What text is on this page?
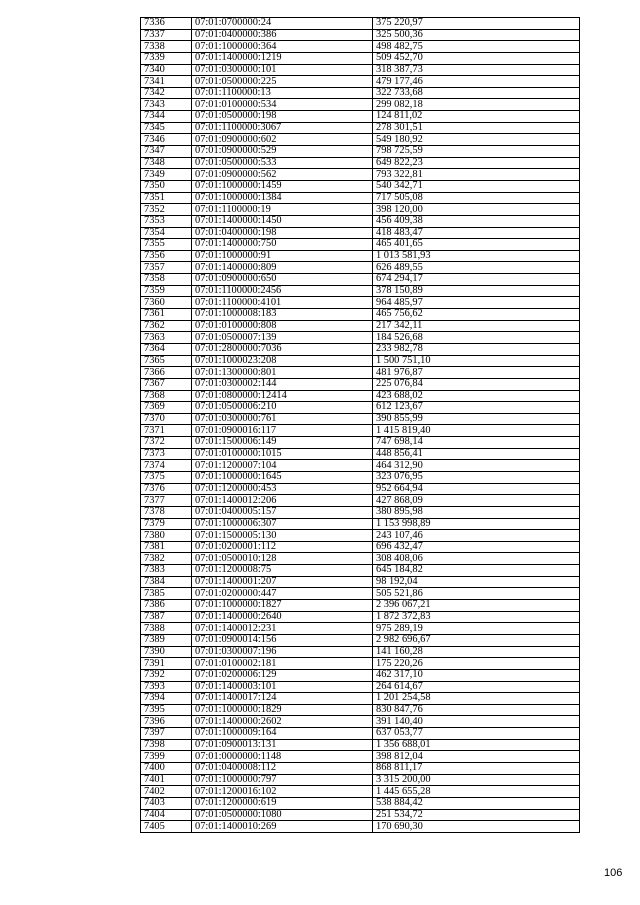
7336	07:01:0700000:24	375 220,97
7337	07:01:0400000:386	325 500,36
7338	07:01:1000000:364	498 482,75
7339	07:01:1400000:1219	509 452,70
7340	07:01:0300000:101	318 387,73
7341	07:01:0500000:225	479 177,46
7342	07:01:1100000:13	322 733,68
7343	07:01:0100000:534	299 082,18
7344	07:01:0500000:198	124 811,02
7345	07:01:1100000:3067	278 301,51
7346	07:01:0900000:602	549 180,92
7347	07:01:0900000:529	798 725,59
7348	07:01:0500000:533	649 822,23
7349	07:01:0900000:562	793 322,81
7350	07:01:1000000:1459	540 342,71
7351	07:01:1000000:1384	717 505,08
7352	07:01:1100000:19	398 120,00
7353	07:01:1400000:1450	456 409,38
7354	07:01:0400000:198	418 483,47
7355	07:01:1400000:750	465 401,65
7356	07:01:1000000:91	1 013 581,93
7357	07:01:1400000:809	626 489,55
7358	07:01:0900000:650	674 294,17
7359	07:01:1100000:2456	378 150,89
7360	07:01:1100000:4101	964 485,97
7361	07:01:1000008:183	465 756,62
7362	07:01:0100000:808	217 342,11
7363	07:01:0500007:139	184 526,68
7364	07:01:2800000:7036	233 982,78
7365	07:01:1000023:208	1 500 751,10
7366	07:01:1300000:801	481 976,87
7367	07:01:0300002:144	225 076,84
7368	07:01:0800000:12414	423 688,02
7369	07:01:0500006:210	612 123,67
7370	07:01:0300000:761	390 855,99
7371	07:01:0900016:117	1 415 819,40
7372	07:01:1500006:149	747 698,14
7373	07:01:0100000:1015	448 856,41
7374	07:01:1200007:104	464 312,90
7375	07:01:1000000:1645	323 076,95
7376	07:01:1200000:453	952 664,94
7377	07:01:1400012:206	427 868,09
7378	07:01:0400005:157	380 895,98
7379	07:01:1000006:307	1 153 998,89
7380	07:01:1500005:130	243 107,46
7381	07:01:0200001:112	696 432,47
7382	07:01:0500010:128	308 408,06
7383	07:01:1200008:75	645 184,82
7384	07:01:1400001:207	98 192,04
7385	07:01:0200000:447	505 521,86
7386	07:01:1000000:1827	2 396 067,21
7387	07:01:1400000:2640	1 872 372,83
7388	07:01:1400012:231	975 289,19
7389	07:01:0900014:156	2 982 696,67
7390	07:01:0300007:196	141 160,28
7391	07:01:0100002:181	175 220,26
7392	07:01:0200006:129	462 317,10
7393	07:01:1400003:101	264 614,67
7394	07:01:1400017:124	1 201 254,58
7395	07:01:1000000:1829	830 847,76
7396	07:01:1400000:2602	391 140,40
7397	07:01:1000009:164	637 053,77
7398	07:01:0900013:131	1 356 688,01
7399	07:01:0000000:1148	398 812,04
7400	07:01:0400008:112	868 811,17
7401	07:01:1000000:797	3 315 200,00
7402	07:01:1200016:102	1 445 655,28
7403	07:01:1200000:619	538 884,42
7404	07:01:0500000:1080	251 534,72
7405	07:01:1400010:269	170 690,30
106
